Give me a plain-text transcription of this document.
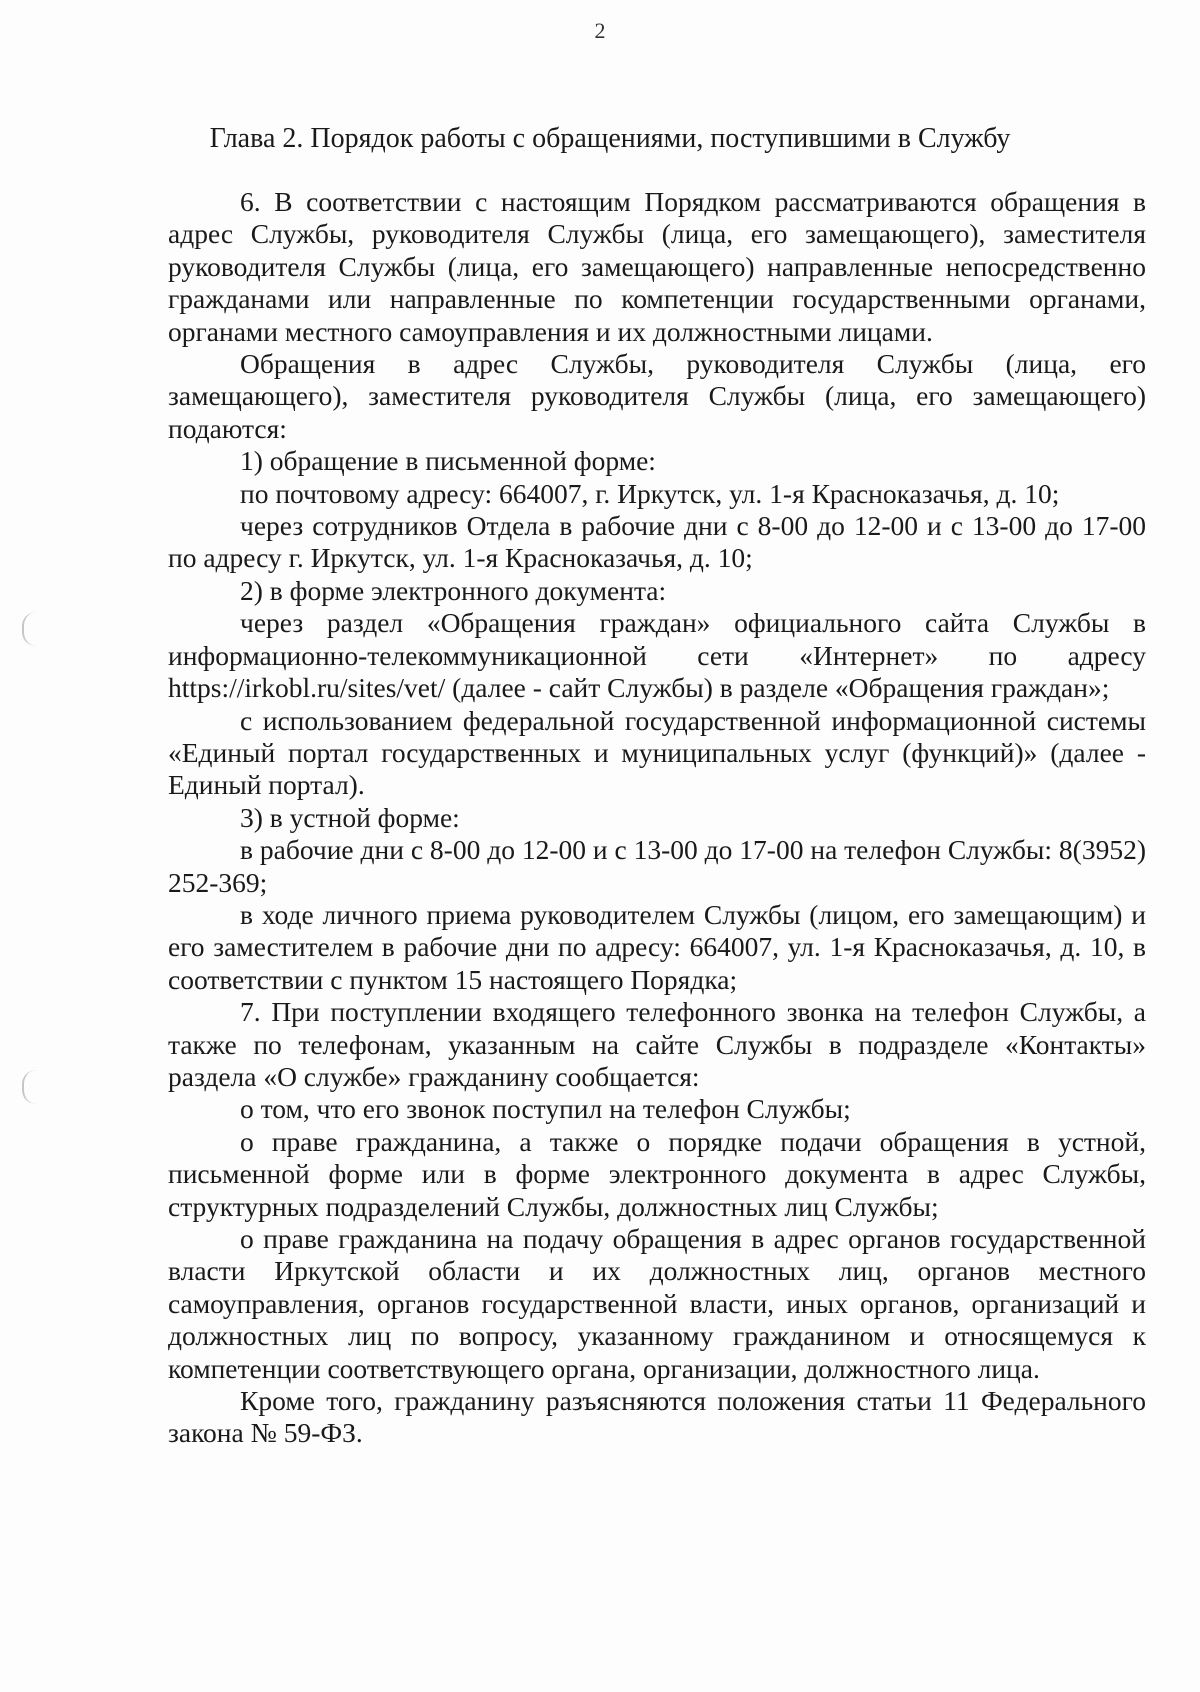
2
Глава 2. Порядок работы с обращениями, поступившими в Службу

6. В соответствии с настоящим Порядком рассматриваются обращения в адрес Службы, руководителя Службы (лица, его замещающего), заместителя руководителя Службы (лица, его замещающего) направленные непосредственно гражданами или направленные по компетенции государственными органами, органами местного самоуправления и их должностными лицами.

Обращения в адрес Службы, руководителя Службы (лица, его замещающего), заместителя руководителя Службы (лица, его замещающего) подаются:

1) обращение в письменной форме:

по почтовому адресу: 664007, г. Иркутск, ул. 1-я Красноказачья, д. 10;

через сотрудников Отдела в рабочие дни с 8-00 до 12-00 и с 13-00 до 17-00 по адресу г. Иркутск, ул. 1-я Красноказачья, д. 10;

2) в форме электронного документа:

через раздел «Обращения граждан» официального сайта Службы в информационно-телекоммуникационной сети «Интернет» по адресу https://irkobl.ru/sites/vet/ (далее - сайт Службы) в разделе «Обращения граждан»;

с использованием федеральной государственной информационной системы «Единый портал государственных и муниципальных услуг (функций)» (далее - Единый портал).

3) в устной форме:

в рабочие дни с 8-00 до 12-00 и с 13-00 до 17-00 на телефон Службы: 8(3952) 252-369;

в ходе личного приема руководителем Службы (лицом, его замещающим) и его заместителем в рабочие дни по адресу: 664007, ул. 1-я Красноказачья, д. 10, в соответствии с пунктом 15 настоящего Порядка;

7. При поступлении входящего телефонного звонка на телефон Службы, а также по телефонам, указанным на сайте Службы в подразделе «Контакты» раздела «О службе» гражданину сообщается:

о том, что его звонок поступил на телефон Службы;

о праве гражданина, а также о порядке подачи обращения в устной, письменной форме или в форме электронного документа в адрес Службы, структурных подразделений Службы, должностных лиц Службы;

о праве гражданина на подачу обращения в адрес органов государственной власти Иркутской области и их должностных лиц, органов местного самоуправления, органов государственной власти, иных органов, организаций и должностных лиц по вопросу, указанному гражданином и относящемуся к компетенции соответствующего органа, организации, должностного лица.

Кроме того, гражданину разъясняются положения статьи 11 Федерального закона № 59-ФЗ.
